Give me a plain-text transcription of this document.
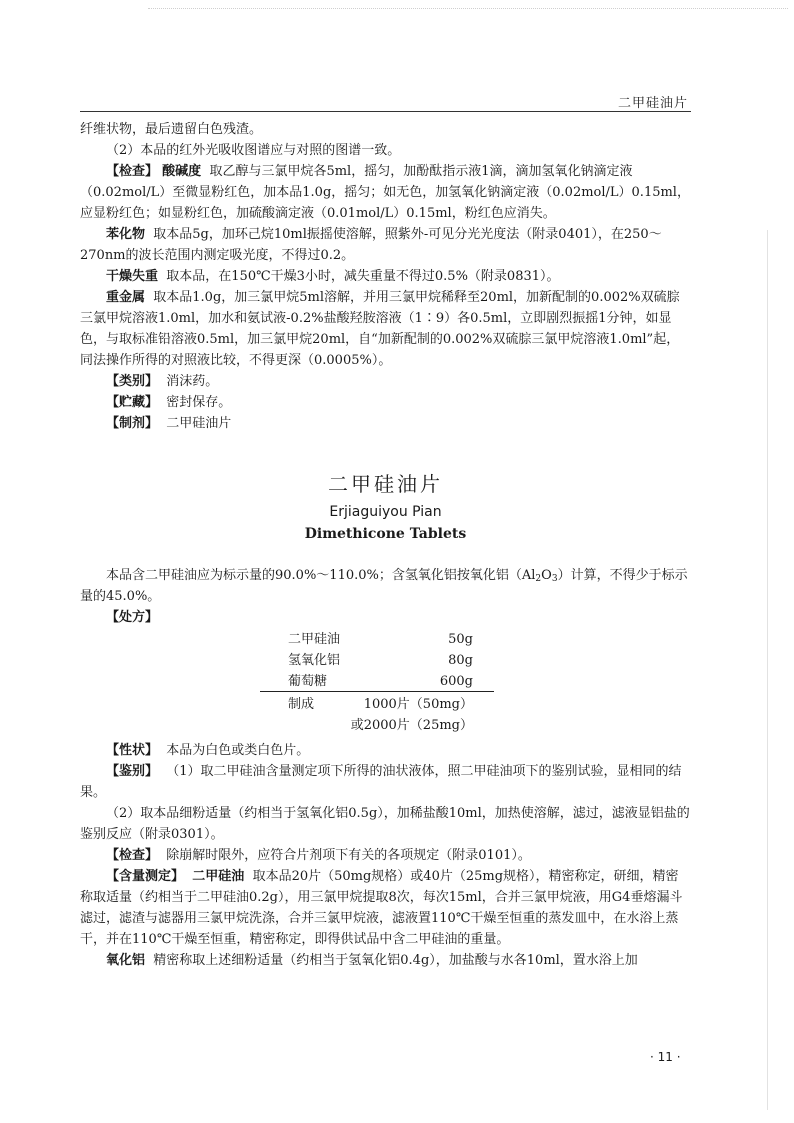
二甲硅油片

纤维状物，最后遗留白色残渣。

（2）本品的红外光吸收图谱应与对照的图谱一致。

【检查】 酸碱度 取乙醇与三氯甲烷各5ml，摇匀，加酚酞指示液1滴，滴加氢氧化钠滴定液（0.02mol/L）至微显粉红色，加本品1.0g，摇匀；如无色，加氢氧化钠滴定液（0.02mol/L）0.15ml，应显粉红色；如显粉红色，加硫酸滴定液（0.01mol/L）0.15ml，粉红色应消失。

苯化物 取本品5g，加环己烷10ml振摇使溶解，照紫外-可见分光光度法（附录0401），在250～270nm的波长范围内测定吸光度，不得过0.2。

干燥失重 取本品，在150℃干燥3小时，减失重量不得过0.5%（附录0831）。

重金属 取本品1.0g，加三氯甲烷5ml溶解，并用三氯甲烷稀释至20ml，加新配制的0.002%双硫腙三氯甲烷溶液1.0ml，加水和氨试液-0.2%盐酸羟胺溶液（1∶9）各0.5ml，立即剧烈振摇1分钟，如显色，与取标准铅溶液0.5ml，加三氯甲烷20ml，自“加新配制的0.002%双硫腙三氯甲烷溶液1.0ml”起，同法操作所得的对照液比较，不得更深（0.0005%）。

【类别】 消沫药。

【贮藏】 密封保存。

【制剂】 二甲硅油片

二甲硅油片
Erjiaguiyou Pian
Dimethicone Tablets

本品含二甲硅油应为标示量的90.0%～110.0%；含氢氧化铝按氧化铝$(Al_2O_3)$计算，不得少于标示量的45.0%。

【处方】

二甲硅油	50g
氢氧化铝	80g
葡萄糖	600g
制成	1000片（50mg）
或2000片（25mg）

【性状】 本品为白色或类白色片。

【鉴别】 （1）取二甲硅油含量测定项下所得的油状液体，照二甲硅油项下的鉴别试验，显相同的结果。

（2）取本品细粉适量（约相当于氢氧化铝0.5g），加稀盐酸10ml，加热使溶解，滤过，滤液显铝盐的鉴别反应（附录0301）。

【检查】 除崩解时限外，应符合片剂项下有关的各项规定（附录0101）。

【含量测定】 二甲硅油 取本品20片（50mg规格）或40片（25mg规格），精密称定，研细，精密称取适量（约相当于二甲硅油0.2g），用三氯甲烷提取8次，每次15ml，合并三氯甲烷液，用G4垂熔漏斗滤过，滤渣与滤器用三氯甲烷洗涤，合并三氯甲烷液，滤液置110℃干燥至恒重的蒸发皿中，在水浴上蒸干，并在110℃干燥至恒重，精密称定，即得供试品中含二甲硅油的重量。

氧化铝 精密称取上述细粉适量（约相当于氢氧化铝0.4g），加盐酸与水各10ml，置水浴上加

· 11 ·
